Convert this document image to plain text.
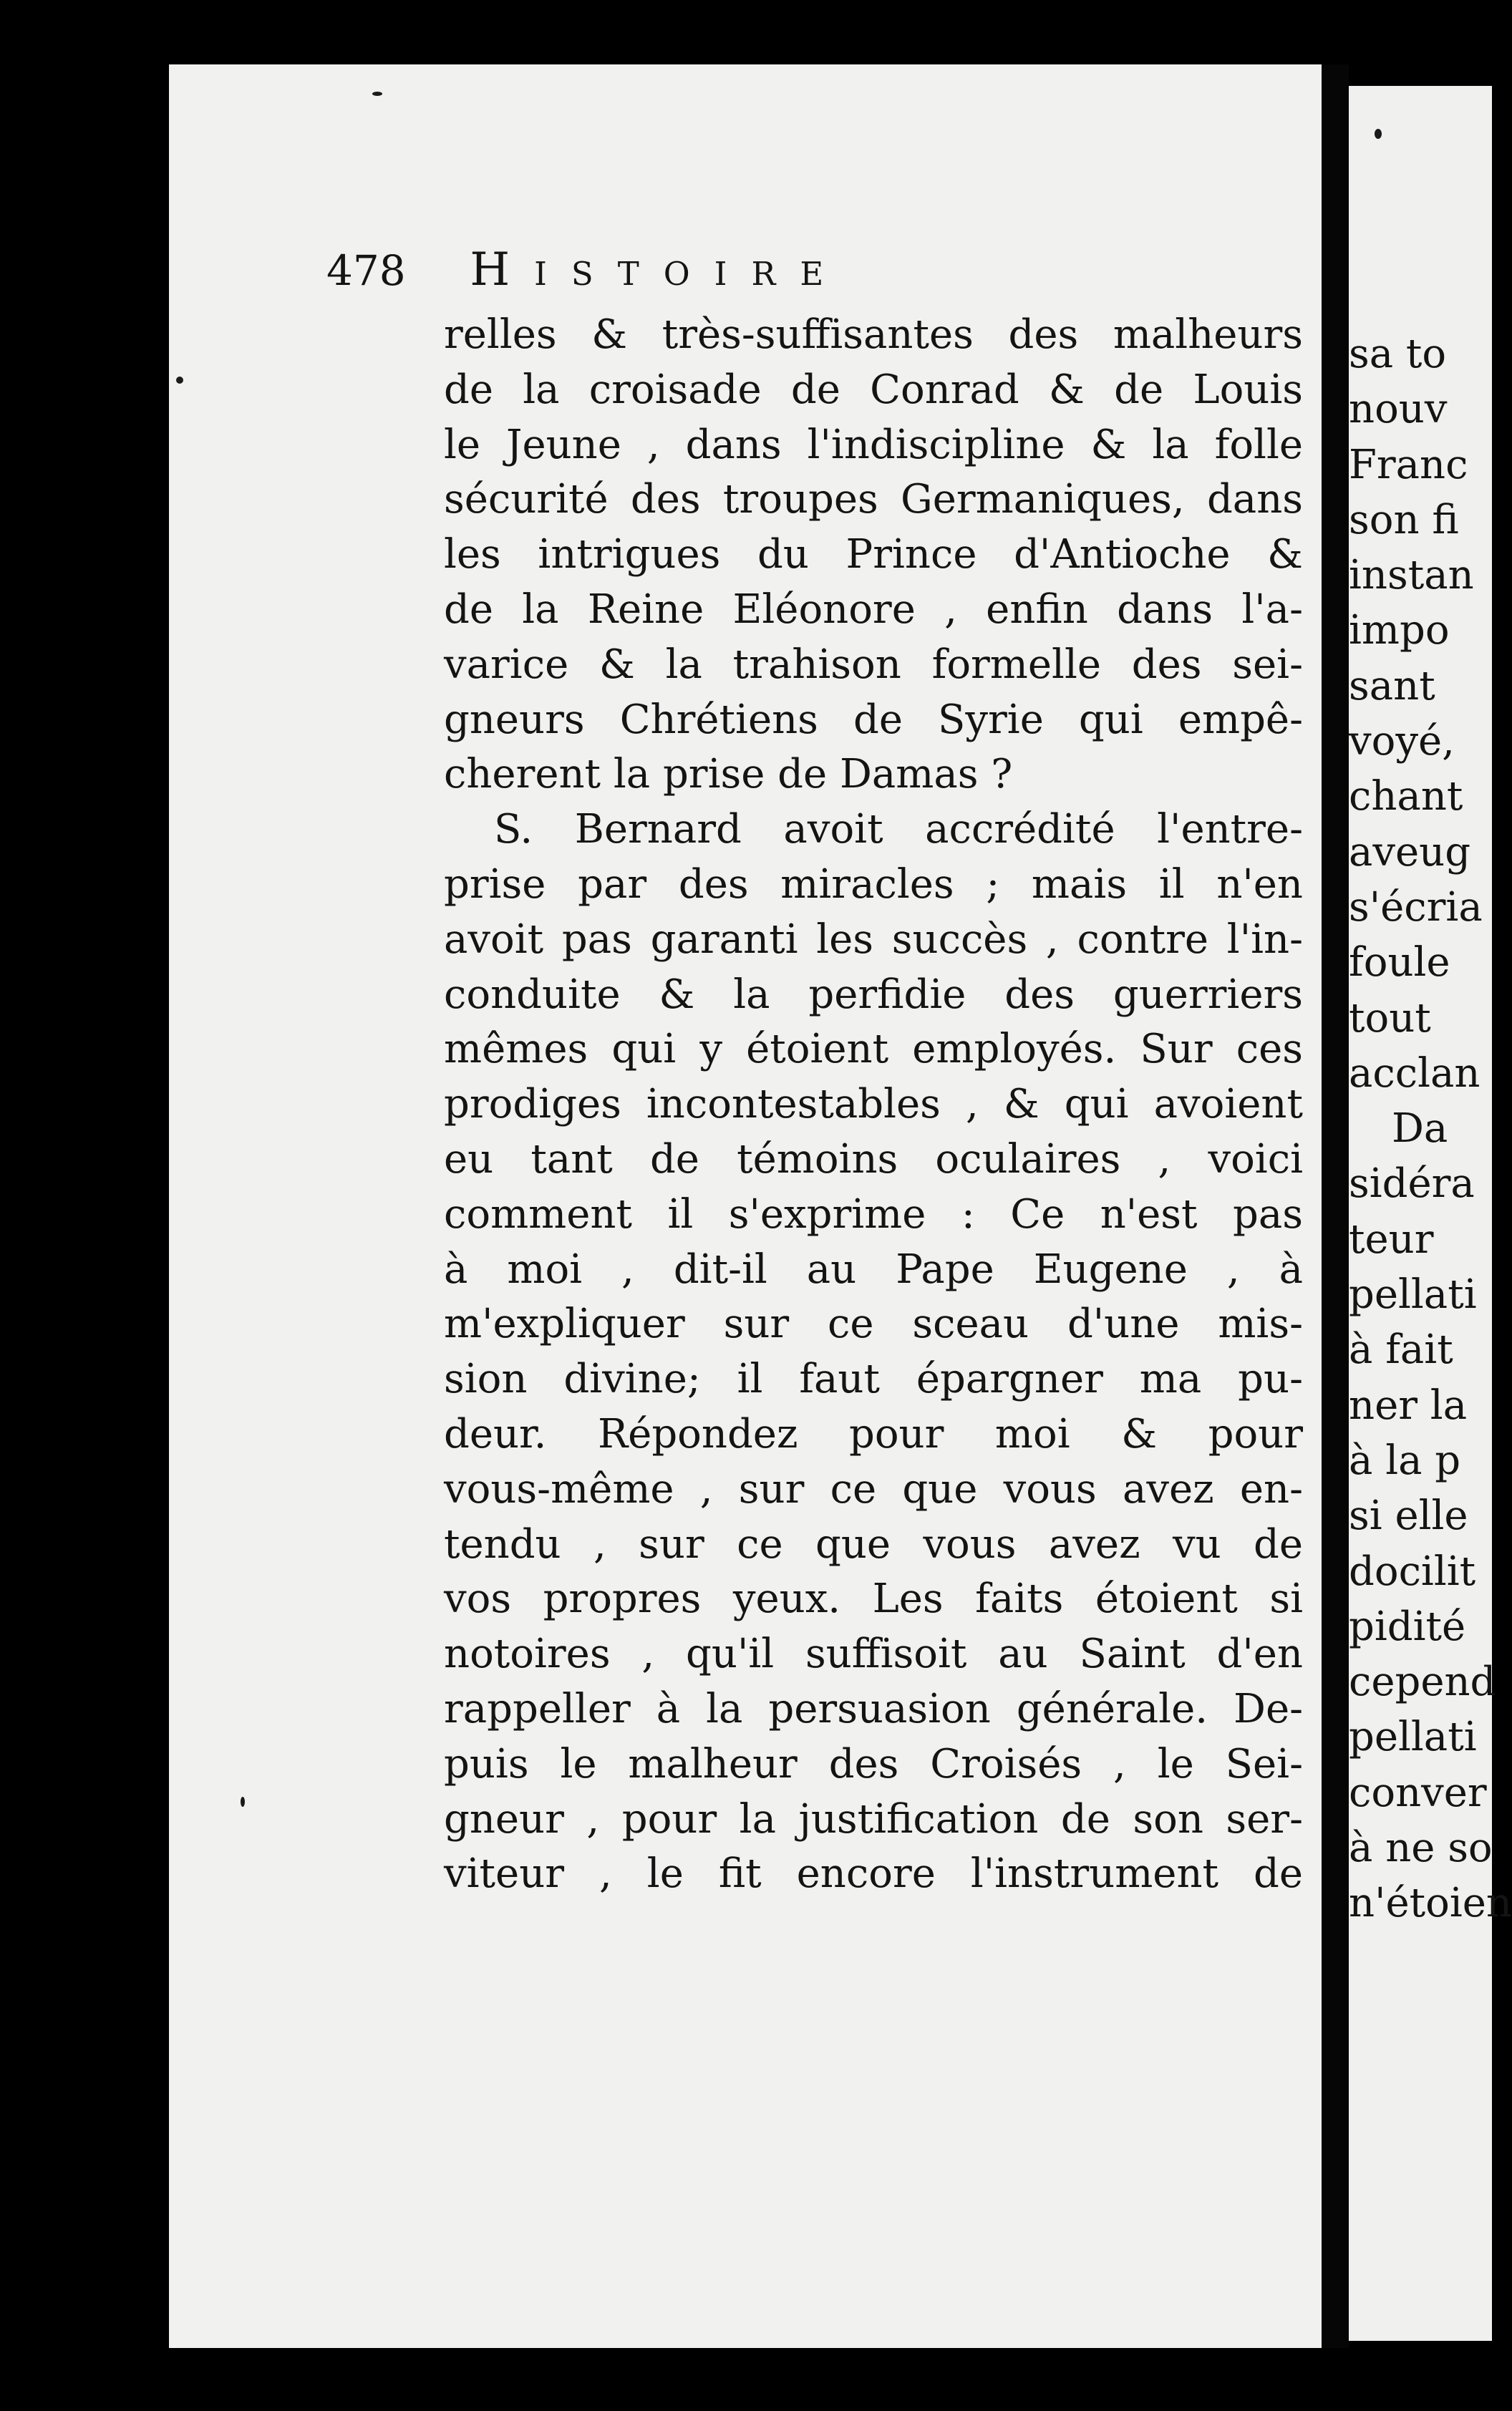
478 Histoire
relles & très-suffisantes des malheurs
de la croisade de Conrad & de Louis
le Jeune , dans l'indiscipline & la folle
sécurité des troupes Germaniques, dans
les intrigues du Prince d'Antioche &
de la Reine Eléonore , enfin dans l'a-
varice & la trahison formelle des sei-
gneurs Chrétiens de Syrie qui empê-
cherent la prise de Damas ?
S. Bernard avoit accrédité l'entre-
prise par des miracles ; mais il n'en
avoit pas garanti les succès , contre l'in-
conduite & la perfidie des guerriers
mêmes qui y étoient employés. Sur ces
prodiges incontestables , & qui avoient
eu tant de témoins oculaires , voici
comment il s'exprime : Ce n'est pas
à moi , dit-il au Pape Eugene , à
m'expliquer sur ce sceau d'une mis-
sion divine; il faut épargner ma pu-
deur. Répondez pour moi & pour
vous-même , sur ce que vous avez en-
tendu , sur ce que vous avez vu de
vos propres yeux. Les faits étoient si
notoires , qu'il suffisoit au Saint d'en
rappeller à la persuasion générale. De-
puis le malheur des Croisés , le Sei-
gneur , pour la justification de son ser-
viteur , le fit encore l'instrument de
sa to
nouv
Franc
son fi
instan
impo
sant
voyé,
chant
aveug
s'écria
foule
tout
acclan
Da
sidéra
teur
pellati
à fait
ner la
à la p
si elle
docilit
pidité
cepend
pellati
conver
à ne so
n'étoien
